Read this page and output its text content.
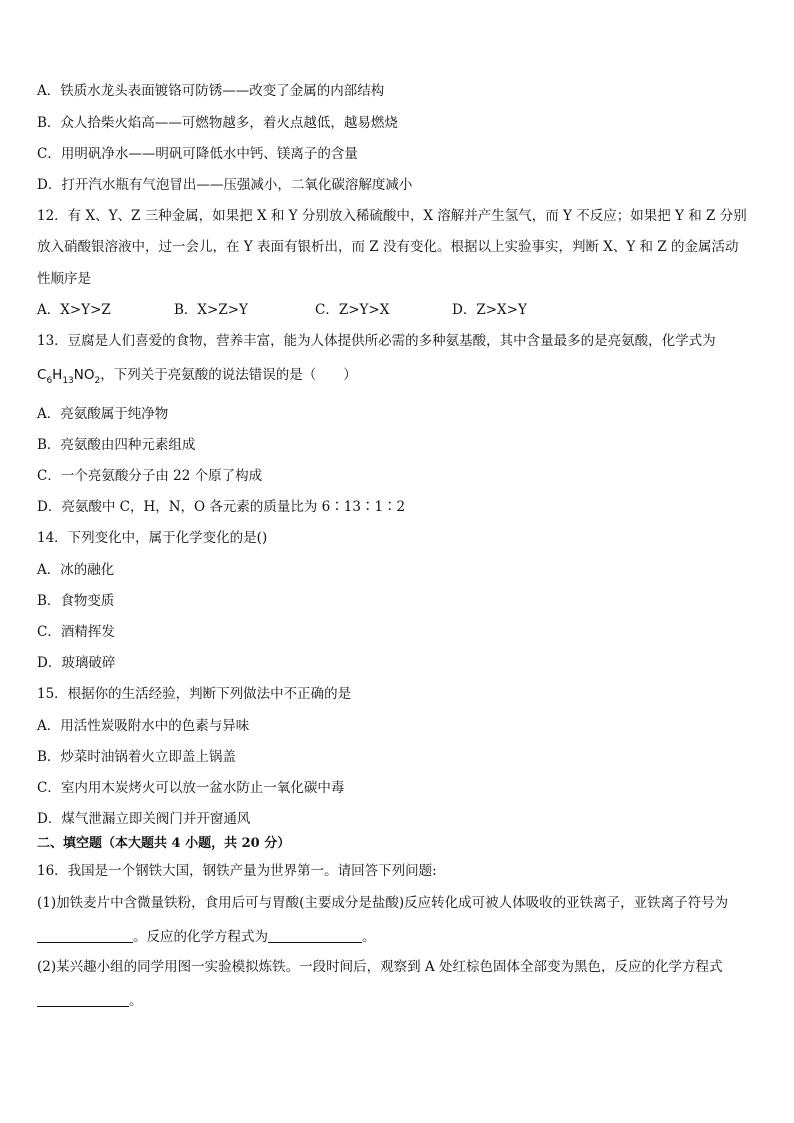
A．铁质水龙头表面镀铬可防锈——改变了金属的内部结构
B．众人拾柴火焰高——可燃物越多，着火点越低，越易燃烧
C．用明矾净水——明矾可降低水中钙、镁离子的含量
D．打开汽水瓶有气泡冒出——压强减小，二氧化碳溶解度减小
12．有 X、Y、Z 三种金属，如果把 X 和 Y 分别放入稀硫酸中，X 溶解并产生氢气，而 Y 不反应；如果把 Y 和 Z 分别
放入硝酸银溶液中，过一会儿，在 Y 表面有银析出，而 Z 没有变化。根据以上实验事实，判断 X、Y 和 Z 的金属活动
性顺序是
A．X>Y>Z	B．X>Z>Y	C．Z>Y>X	D．Z>X>Y
13．豆腐是人们喜爱的食物，营养丰富，能为人体提供所必需的多种氨基酸，其中含量最多的是亮氨酸，化学式为
$C_6H_{13}NO_2$，下列关于亮氨酸的说法错误的是（　　）
A．亮氨酸属于纯净物
B．亮氨酸由四种元素组成
C．一个亮氨酸分子由 22 个原了构成
D．亮氨酸中 C，H，N，O 各元素的质量比为 6∶13∶1∶2
14．下列变化中，属于化学变化的是()
A．冰的融化
B．食物变质
C．酒精挥发
D．玻璃破碎
15．根据你的生活经验，判断下列做法中不正确的是
A．用活性炭吸附水中的色素与异味
B．炒菜时油锅着火立即盖上锅盖
C．室内用木炭烤火可以放一盆水防止一氧化碳中毒
D．煤气泄漏立即关阀门并开窗通风
二、填空题（本大题共 4 小题，共 20 分）
16．我国是一个钢铁大国，钢铁产量为世界第一。请回答下列问题:
(1)加铁麦片中含微量铁粉，食用后可与胃酸(主要成分是盐酸)反应转化成可被人体吸收的亚铁离子，亚铁离子符号为
。反应的化学方程式为	。
(2)某兴趣小组的同学用图一实验模拟炼铁。一段时间后，观察到 A 处红棕色固体全部变为黑色，反应的化学方程式
。
